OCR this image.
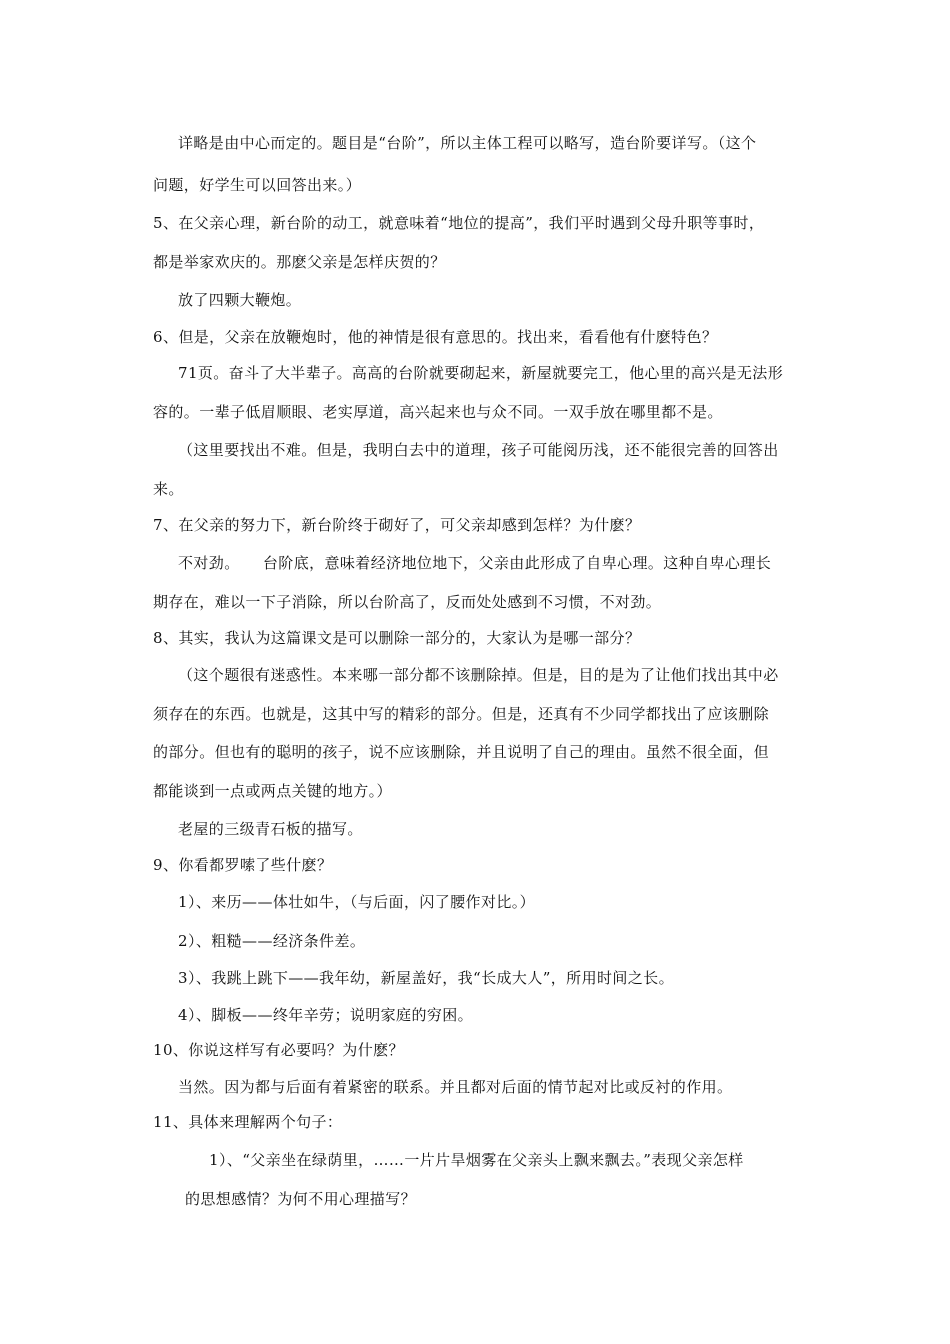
详略是由中心而定的。题目是“台阶”，所以主体工程可以略写，造台阶要详写。（这个
问题，好学生可以回答出来。）
5、在父亲心理，新台阶的动工，就意味着“地位的提高”，我们平时遇到父母升职等事时，
都是举家欢庆的。那麽父亲是怎样庆贺的？
放了四颗大鞭炮。
6、但是，父亲在放鞭炮时，他的神情是很有意思的。找出来，看看他有什麽特色？
71页。奋斗了大半辈子。高高的台阶就要砌起来，新屋就要完工，他心里的高兴是无法形
容的。一辈子低眉顺眼、老实厚道，高兴起来也与众不同。一双手放在哪里都不是。
（这里要找出不难。但是，我明白去中的道理，孩子可能阅历浅，还不能很完善的回答出
来。
7、在父亲的努力下，新台阶终于砌好了，可父亲却感到怎样？为什麽？
不对劲。　　台阶底，意味着经济地位地下，父亲由此形成了自卑心理。这种自卑心理长
期存在，难以一下子消除，所以台阶高了，反而处处感到不习惯，不对劲。
8、其实，我认为这篇课文是可以删除一部分的，大家认为是哪一部分？
（这个题很有迷惑性。本来哪一部分都不该删除掉。但是，目的是为了让他们找出其中必
须存在的东西。也就是，这其中写的精彩的部分。但是，还真有不少同学都找出了应该删除
的部分。但也有的聪明的孩子，说不应该删除，并且说明了自己的理由。虽然不很全面，但
都能谈到一点或两点关键的地方。）
老屋的三级青石板的描写。
9、你看都罗嗦了些什麽？
1）、来历——体壮如牛，（与后面，闪了腰作对比。）
2）、粗糙——经济条件差。
3）、我跳上跳下——我年幼，新屋盖好，我“长成大人”，所用时间之长。
4）、脚板——终年辛劳；说明家庭的穷困。
10、你说这样写有必要吗？为什麽？
当然。因为都与后面有着紧密的联系。并且都对后面的情节起对比或反衬的作用。
11、具体来理解两个句子：
1）、“父亲坐在绿荫里，……一片片旱烟雾在父亲头上飘来飘去。”表现父亲怎样
的思想感情？为何不用心理描写？
